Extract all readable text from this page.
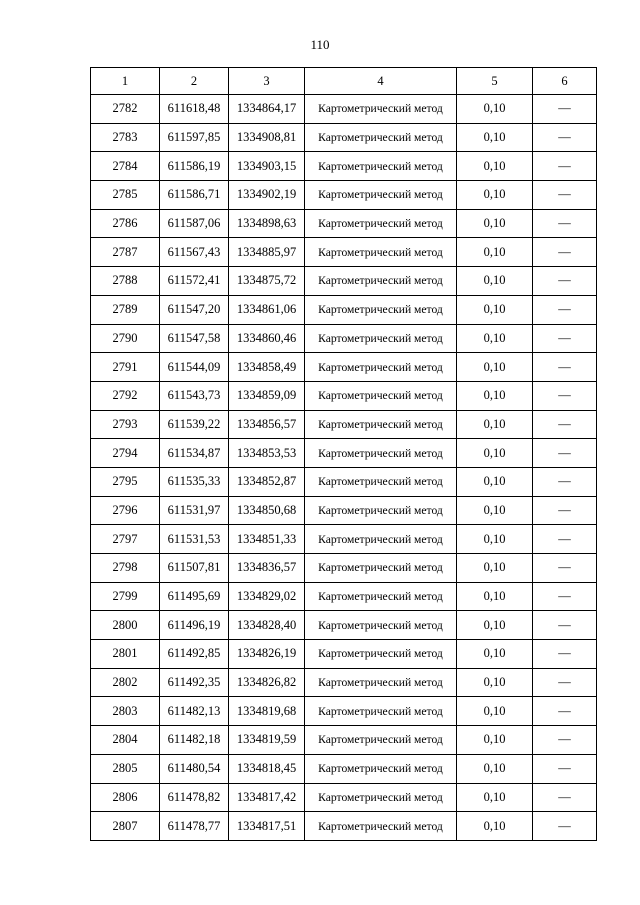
110
1	2	3	4	5	6
2782	611618,48	1334864,17	Картометрический метод	0,10	—
2783	611597,85	1334908,81	Картометрический метод	0,10	—
2784	611586,19	1334903,15	Картометрический метод	0,10	—
2785	611586,71	1334902,19	Картометрический метод	0,10	—
2786	611587,06	1334898,63	Картометрический метод	0,10	—
2787	611567,43	1334885,97	Картометрический метод	0,10	—
2788	611572,41	1334875,72	Картометрический метод	0,10	—
2789	611547,20	1334861,06	Картометрический метод	0,10	—
2790	611547,58	1334860,46	Картометрический метод	0,10	—
2791	611544,09	1334858,49	Картометрический метод	0,10	—
2792	611543,73	1334859,09	Картометрический метод	0,10	—
2793	611539,22	1334856,57	Картометрический метод	0,10	—
2794	611534,87	1334853,53	Картометрический метод	0,10	—
2795	611535,33	1334852,87	Картометрический метод	0,10	—
2796	611531,97	1334850,68	Картометрический метод	0,10	—
2797	611531,53	1334851,33	Картометрический метод	0,10	—
2798	611507,81	1334836,57	Картометрический метод	0,10	—
2799	611495,69	1334829,02	Картометрический метод	0,10	—
2800	611496,19	1334828,40	Картометрический метод	0,10	—
2801	611492,85	1334826,19	Картометрический метод	0,10	—
2802	611492,35	1334826,82	Картометрический метод	0,10	—
2803	611482,13	1334819,68	Картометрический метод	0,10	—
2804	611482,18	1334819,59	Картометрический метод	0,10	—
2805	611480,54	1334818,45	Картометрический метод	0,10	—
2806	611478,82	1334817,42	Картометрический метод	0,10	—
2807	611478,77	1334817,51	Картометрический метод	0,10	—
